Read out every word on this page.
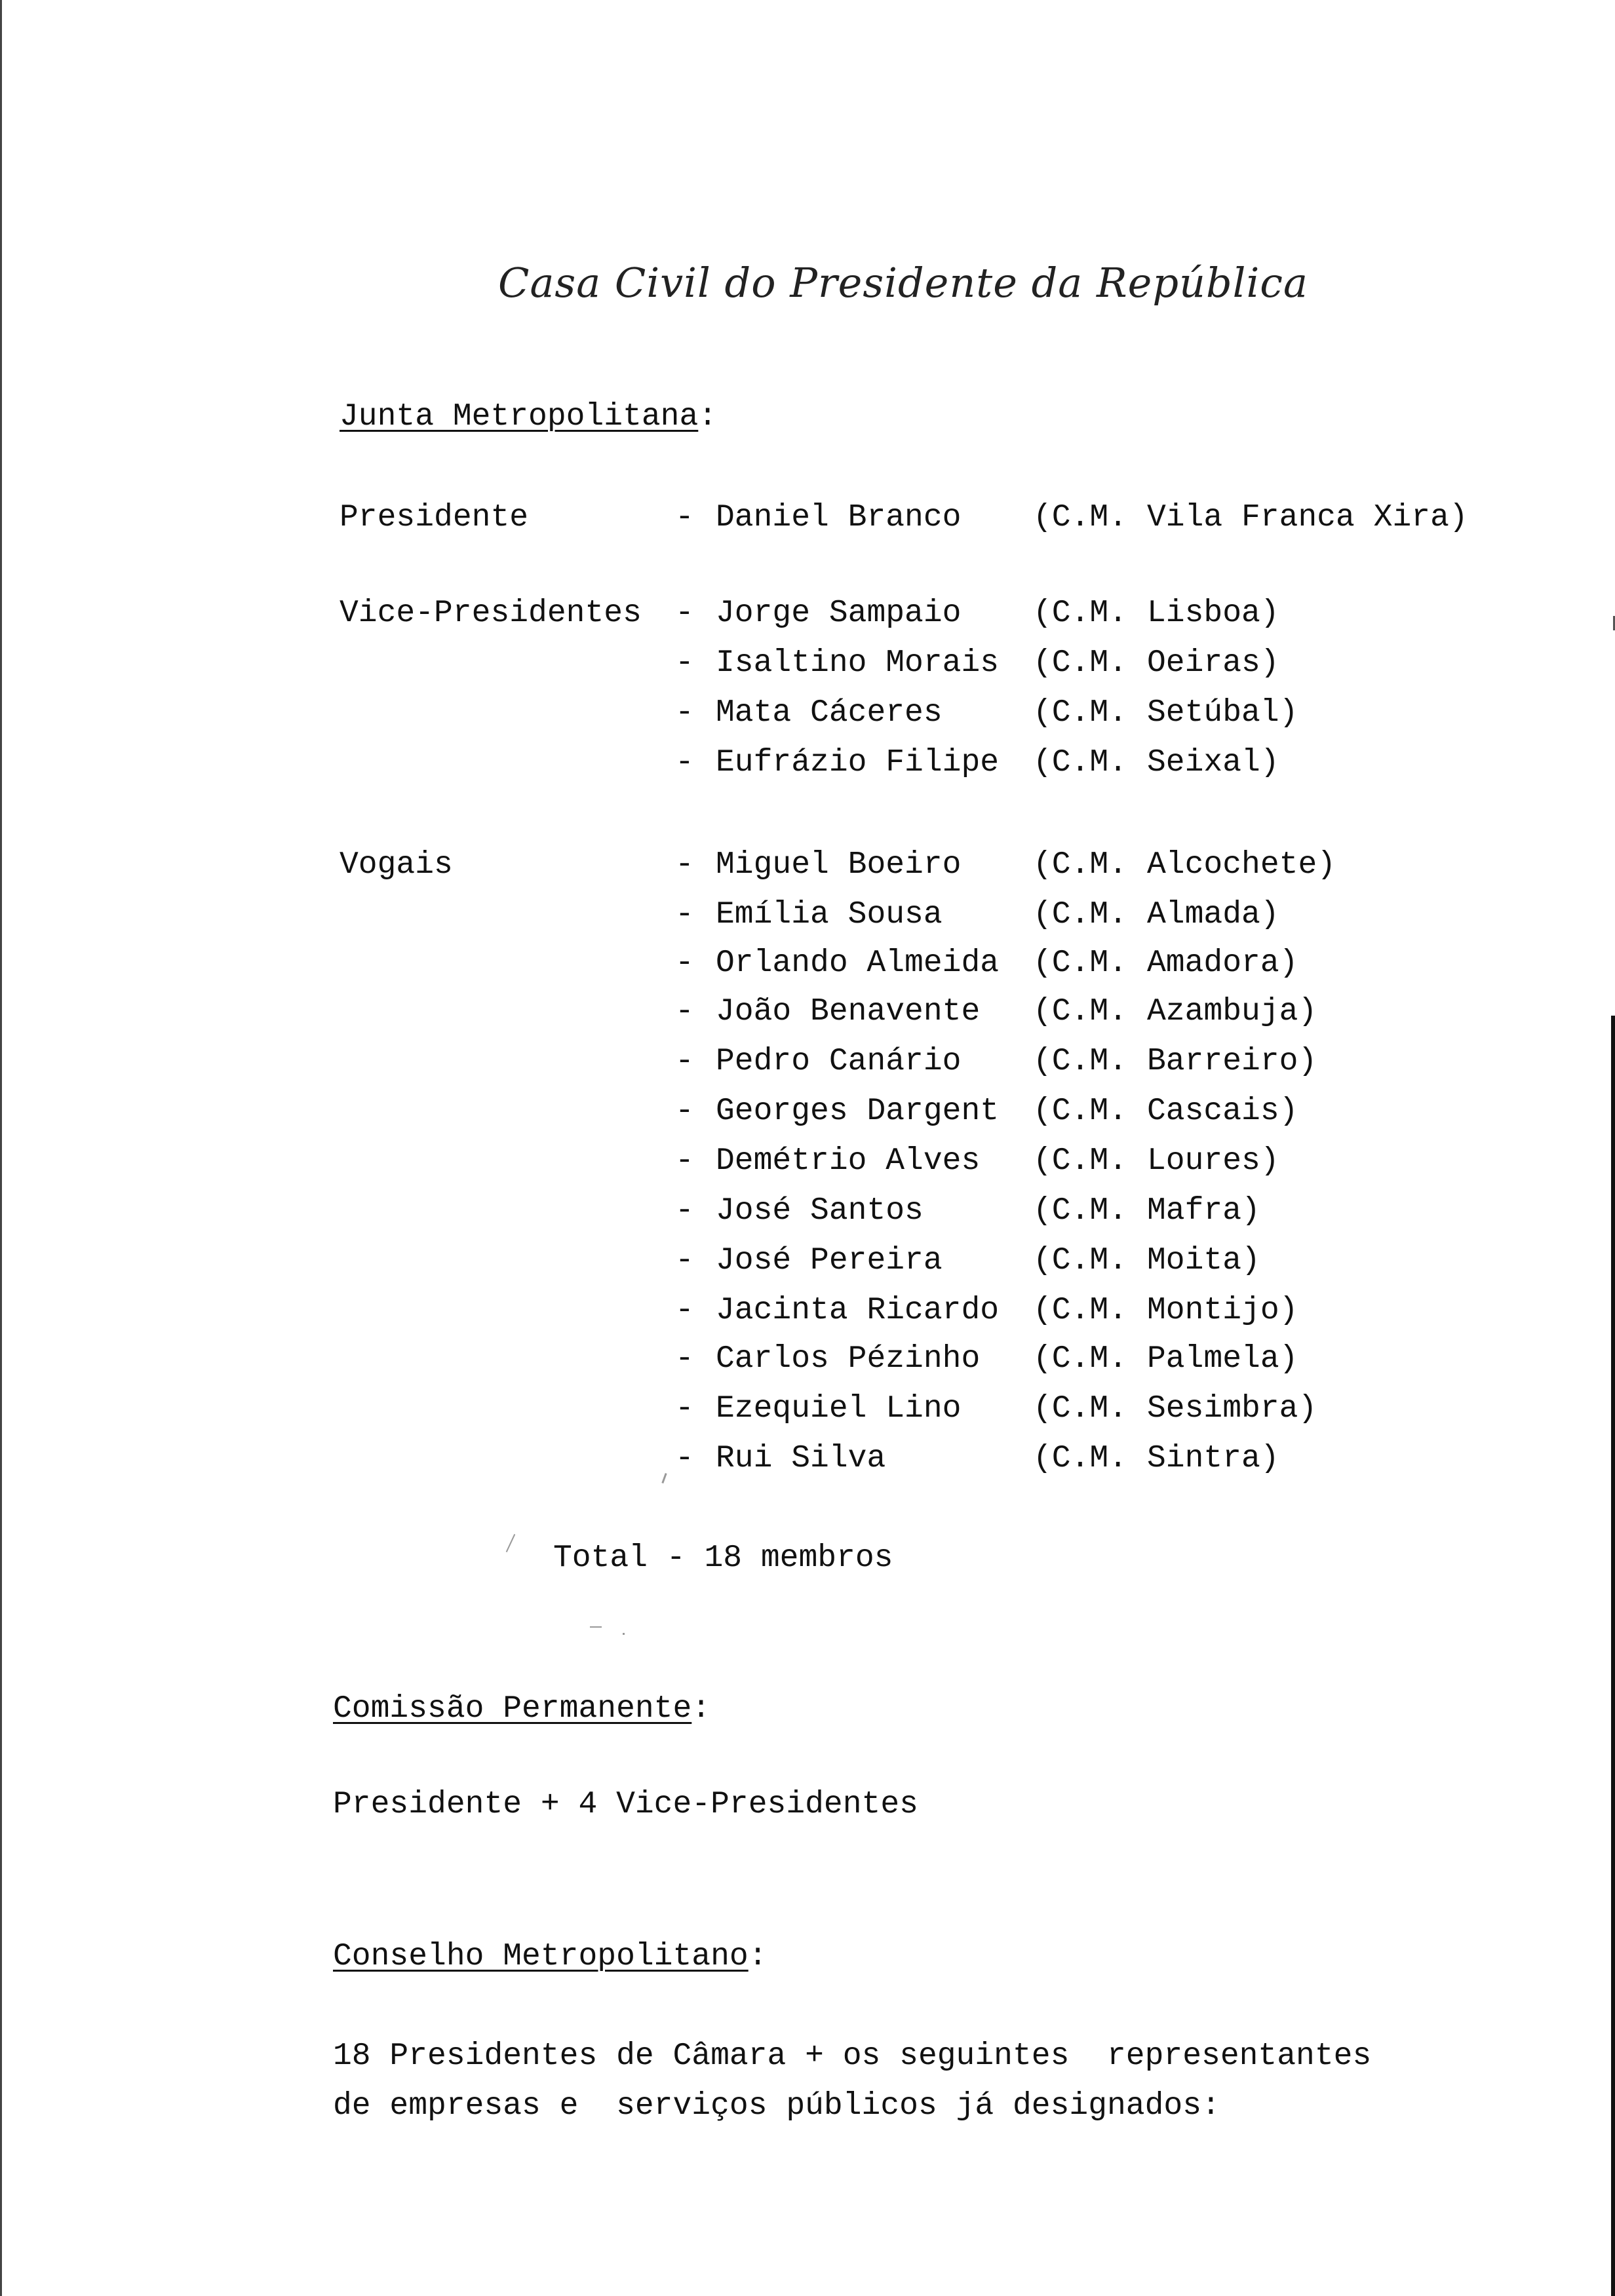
Casa Civil do Presidente da República
Junta Metropolitana:
Presidente	- Daniel Branco (C.M. Vila Franca Xira)
Vice-Presidentes - Jorge Sampaio (C.M. Lisboa)
- Isaltino Morais (C.M. Oeiras)
- Mata Cáceres	(C.M. Setúbal)
- Eufrázio Filipe (C.M. Seixal)
Vogais	- Miguel Boeiro (C.M. Alcochete)
- Emília Sousa	(C.M. Almada)
- Orlando Almeida (C.M. Amadora)
- João Benavente (C.M. Azambuja)
- Pedro Canário (C.M. Barreiro)
- Georges Dargent (C.M. Cascais)
- Demétrio Alves (C.M. Loures)
- José Santos	(C.M. Mafra)
- José Pereira	(C.M. Moita)
- Jacinta Ricardo (C.M. Montijo)
- Carlos Pézinho (C.M. Palmela)
- Ezequiel Lino (C.M. Sesimbra)
- Rui Silva	(C.M. Sintra)
Total - 18 membros
Comissão Permanente:
Presidente + 4 Vice-Presidentes
Conselho Metropolitano:
18 Presidentes de Câmara + os seguintes  representantes
de empresas e  serviços públicos já designados:
